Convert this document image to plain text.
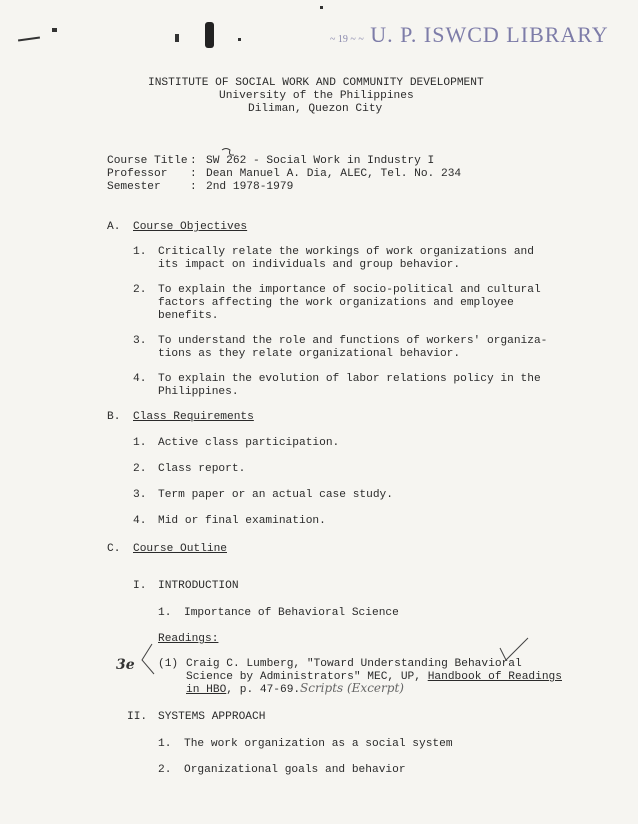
~ 19 ~ ~ U. P. ISWCD LIBRARY
INSTITUTE OF SOCIAL WORK AND COMMUNITY DEVELOPMENT
University of the Philippines
Diliman, Quezon City
Course Title : SW 262 - Social Work in Industry I
Professor : Dean Manuel A. Dia, ALEC, Tel. No. 234
Semester	: 2nd 1978-1979
A. Course Objectives
1. Critically relate the workings of work organizations and
its impact on individuals and group behavior.
2. To explain the importance of socio-political and cultural
factors affecting the work organizations and employee
benefits.
3. To understand the role and functions of workers' organiza-
tions as they relate organizational behavior.
4. To explain the evolution of labor relations policy in the
Philippines.
B. Class Requirements
1. Active class participation.
2. Class report.
3. Term paper or an actual case study.
4. Mid or final examination.
C. Course Outline
I. INTRODUCTION
1. Importance of Behavioral Science
Readings:
(1) Craig C. Lumberg, "Toward Understanding Behavioral
Science by Administrators" MEC, UP, Handbook of Readings
in HBO, p. 47-69.
II. SYSTEMS APPROACH
1. The work organization as a social system
2. Organizational goals and behavior
3e
Scripts (Excerpt)
